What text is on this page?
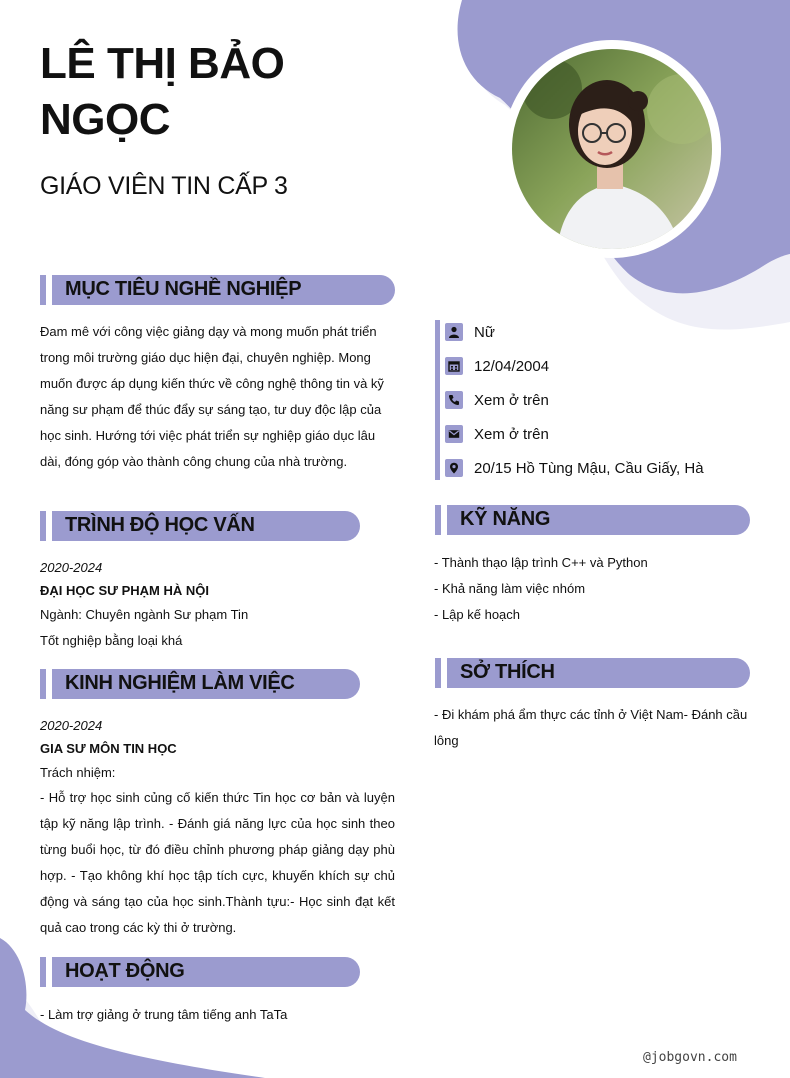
LÊ THỊ BẢO NGỌC
GIÁO VIÊN TIN CẤP 3
MỤC TIÊU NGHỀ NGHIỆP

Đam mê với công việc giảng dạy và mong muốn phát triển trong môi trường giáo dục hiện đại, chuyên nghiệp. Mong muốn được áp dụng kiến thức về công nghệ thông tin và kỹ năng sư phạm để thúc đẩy sự sáng tạo, tư duy độc lập của học sinh. Hướng tới việc phát triển sự nghiệp giáo dục lâu dài, đóng góp vào thành công chung của nhà trường.

Nữ
12/04/2004
Xem ở trên
Xem ở trên
20/15 Hồ Tùng Mậu, Cầu Giấy, Hà
TRÌNH ĐỘ HỌC VẤN
2020-2024
ĐẠI HỌC SƯ PHẠM HÀ NỘI
Ngành: Chuyên ngành Sư phạm Tin
Tốt nghiệp bằng loại khá
KINH NGHIỆM LÀM VIỆC
2020-2024
GIA SƯ MÔN TIN HỌC
Trách nhiệm:

- Hỗ trợ học sinh củng cố kiến thức Tin học cơ bản và luyện tập kỹ năng lập trình. - Đánh giá năng lực của học sinh theo từng buổi học, từ đó điều chỉnh phương pháp giảng dạy phù hợp. - Tạo không khí học tập tích cực, khuyến khích sự chủ động và sáng tạo của học sinh.Thành tựu:- Học sinh đạt kết quả cao trong các kỳ thi ở trường.

HOẠT ĐỘNG
- Làm trợ giảng ở trung tâm tiếng anh TaTa
KỸ NĂNG
- Thành thạo lập trình C++ và Python
- Khả năng làm việc nhóm
- Lập kế hoạch
SỞ THÍCH

- Đi khám phá ẩm thực các tỉnh ở Việt Nam- Đánh cầu lông

@jobgovn.com
